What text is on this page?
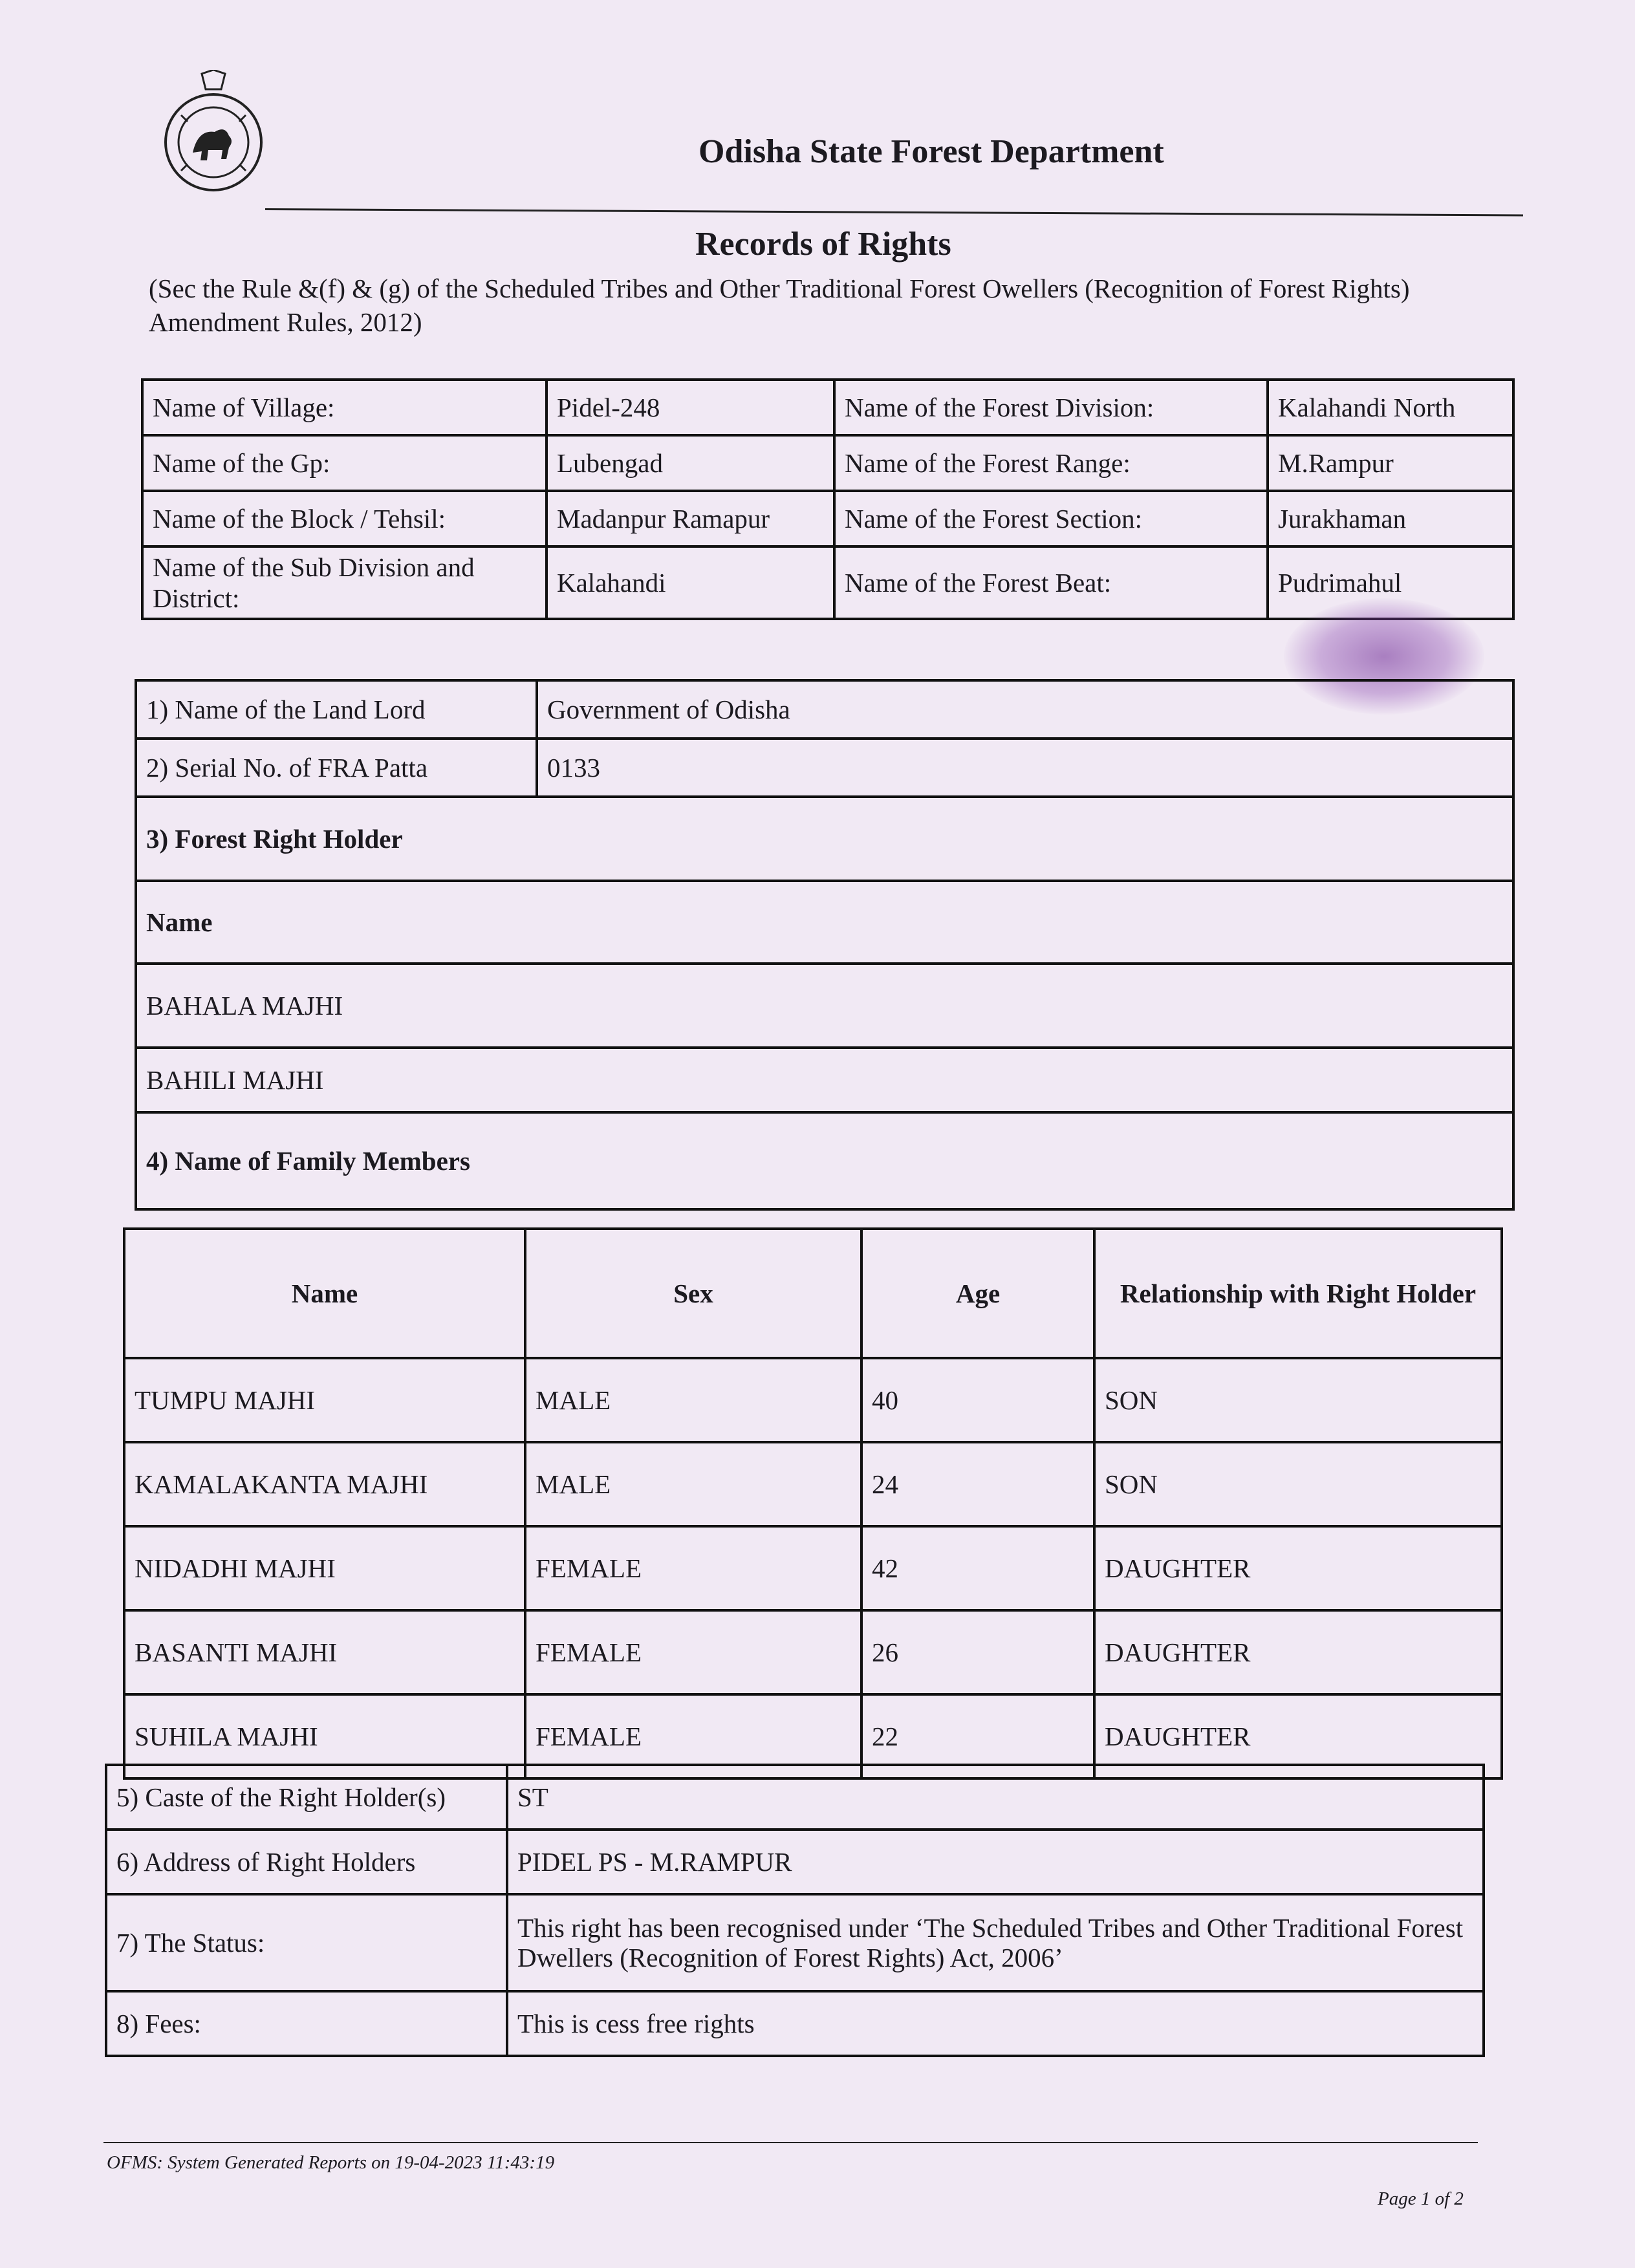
Odisha State Forest Department
Records of Rights
(Sec the Rule &(f) & (g) of the Scheduled Tribes and Other Traditional Forest Owellers (Recognition of Forest Rights) Amendment Rules, 2012)
Name of Village:	Pidel-248	Name of the Forest Division:	Kalahandi North
Name of the Gp:	Lubengad	Name of the Forest Range:	M.Rampur
Name of the Block / Tehsil:	Madanpur Ramapur	Name of the Forest Section:	Jurakhaman
Name of the Sub Division and District:	Kalahandi	Name of the Forest Beat:	Pudrimahul
1) Name of the Land Lord	Government of Odisha
2) Serial No. of FRA Patta	0133
3) Forest Right Holder	
Name	
BAHALA MAJHI	
BAHILI MAJHI	
4) Name of Family Members	
Name	Sex	Age	Relationship with Right Holder
TUMPU MAJHI	MALE	40	SON
KAMALAKANTA MAJHI	MALE	24	SON
NIDADHI MAJHI	FEMALE	42	DAUGHTER
BASANTI MAJHI	FEMALE	26	DAUGHTER
SUHILA MAJHI	FEMALE	22	DAUGHTER
5) Caste of the Right Holder(s)	ST
6) Address of Right Holders	PIDEL PS - M.RAMPUR
7) The Status:	This right has been recognised under ‘The Scheduled Tribes and Other Traditional Forest Dwellers (Recognition of Forest Rights) Act, 2006’
8) Fees:	This is cess free rights
OFMS: System Generated Reports on 19-04-2023 11:43:19
Page 1 of 2
